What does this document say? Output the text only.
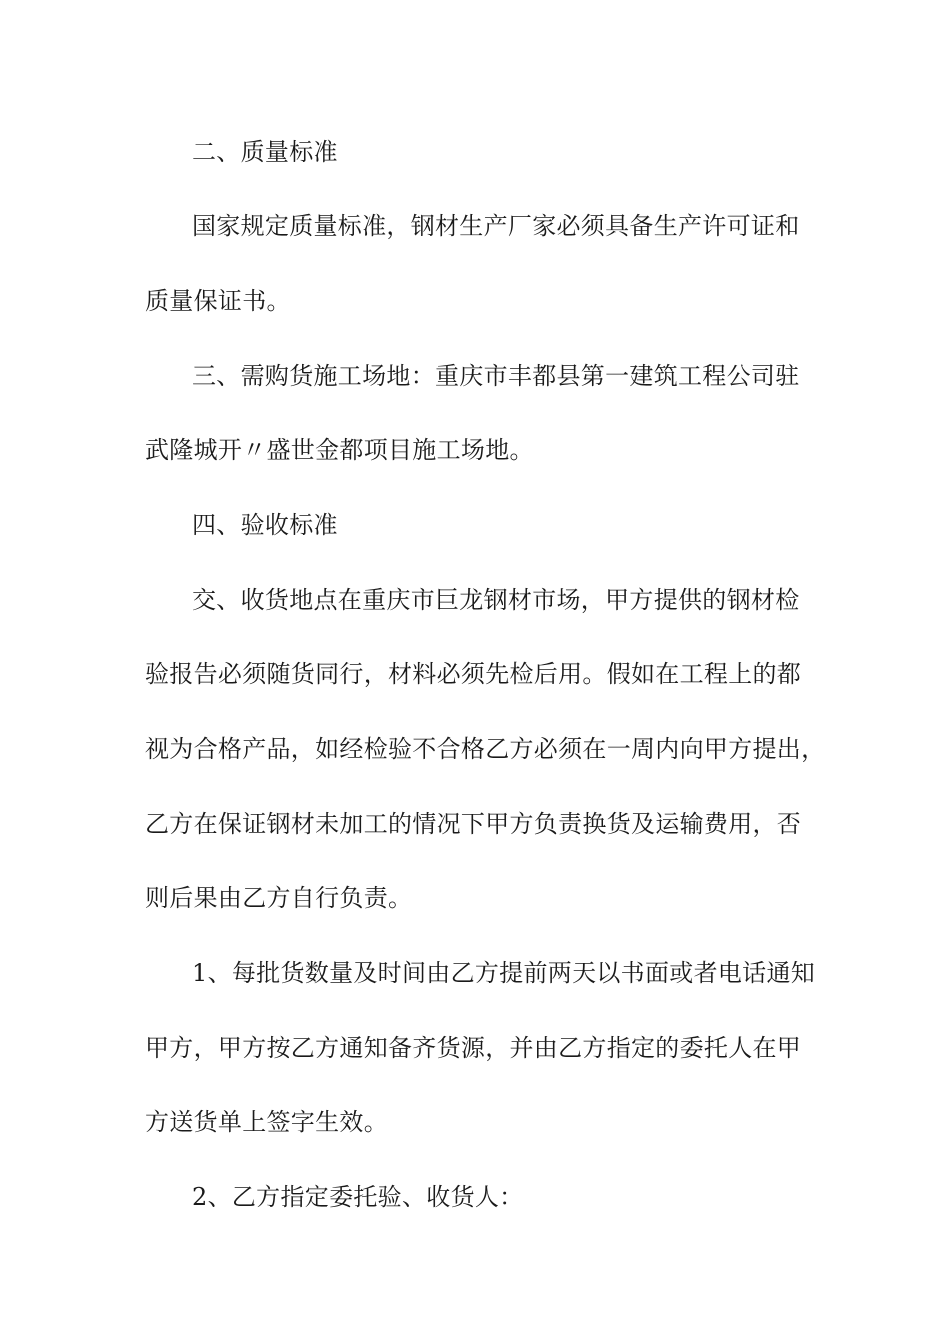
二、质量标准
国家规定质量标准，钢材生产厂家必须具备生产许可证和
质量保证书。
三、需购货施工场地：重庆市丰都县第一建筑工程公司驻
武隆城开〃盛世金都项目施工场地。
四、验收标准
交、收货地点在重庆市巨龙钢材市场，甲方提供的钢材检
验报告必须随货同行，材料必须先检后用。假如在工程上的都
视为合格产品，如经检验不合格乙方必须在一周内向甲方提出，
乙方在保证钢材未加工的情况下甲方负责换货及运输费用，否
则后果由乙方自行负责。
1、每批货数量及时间由乙方提前两天以书面或者电话通知
甲方，甲方按乙方通知备齐货源，并由乙方指定的委托人在甲
方送货单上签字生效。
2、乙方指定委托验、收货人：
